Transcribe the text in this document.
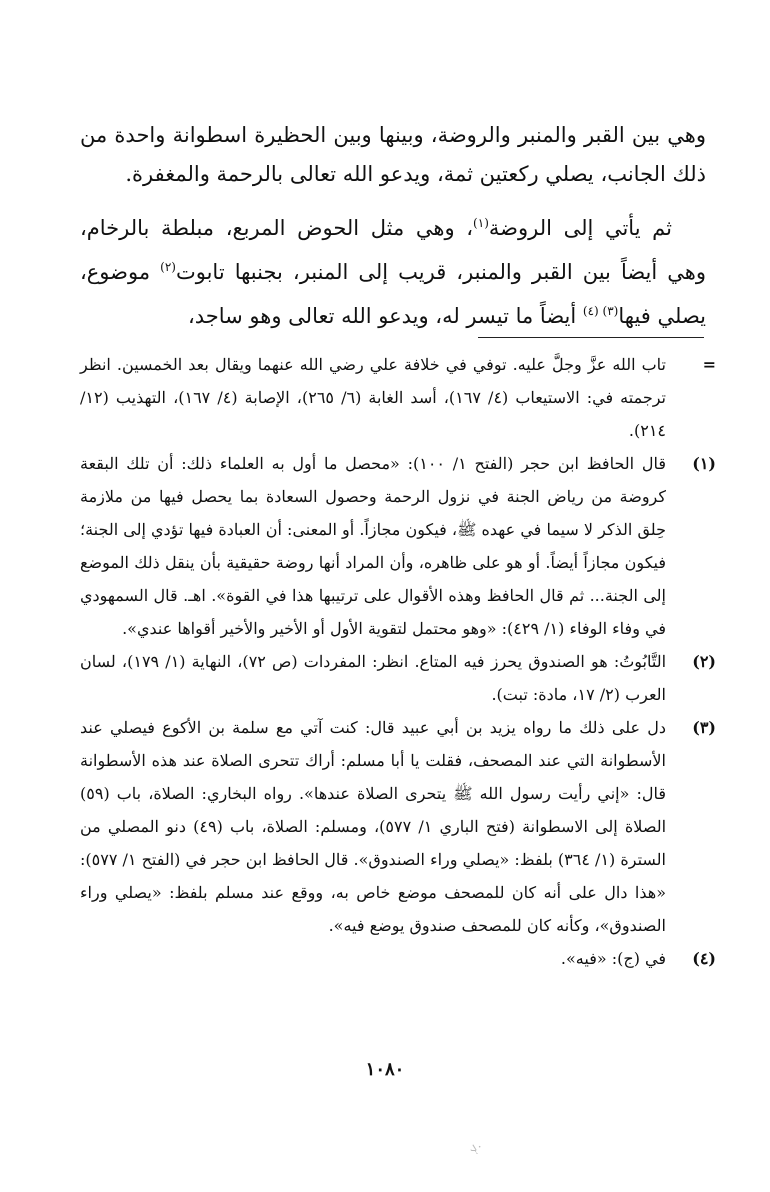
وهي بين القبر والمنبر والروضة، وبينها وبين الحظيرة اسطوانة واحدة من ذلك الجانب، يصلي ركعتين ثمة، ويدعو الله تعالى بالرحمة والمغفرة.

ثم يأتي إلى الروضة$^{(١)}$، وهي مثل الحوض المربع، مبلطة بالرخام، وهي أيضاً بين القبر والمنبر، قريب إلى المنبر، بجنبها تابوت$^{(٢)}$ موضوع، يصلي فيها$^{(٣) (٤)}$ أيضاً ما تيسر له، ويدعو الله تعالى وهو ساجد،

=
تاب الله عزَّ وجلَّ عليه. توفي في خلافة علي رضي الله عنهما ويقال بعد الخمسين. انظر ترجمته في: الاستيعاب (٤/ ١٦٧)، أسد الغابة (٦/ ٢٦٥)، الإصابة (٤/ ١٦٧)، التهذيب (١٢/ ٢١٤).
(١)
قال الحافظ ابن حجر (الفتح ١/ ١٠٠): «محصل ما أول به العلماء ذلك: أن تلك البقعة كروضة من رياض الجنة في نزول الرحمة وحصول السعادة بما يحصل فيها من ملازمة حِلق الذكر لا سيما في عهده ﷺ، فيكون مجازاً. أو المعنى: أن العبادة فيها تؤدي إلى الجنة؛ فيكون مجازاً أيضاً. أو هو على ظاهره، وأن المراد أنها روضة حقيقية بأن ينقل ذلك الموضع إلى الجنة... ثم قال الحافظ وهذه الأقوال على ترتيبها هذا في القوة». اهـ. قال السمهودي في وفاء الوفاء (١/ ٤٢٩): «وهو محتمل لتقوية الأول أو الأخير والأخير أقواها عندي».
(٢)
التَّابُوتُ: هو الصندوق يحرز فيه المتاع. انظر: المفردات (ص ٧٢)، النهاية (١/ ١٧٩)، لسان العرب (٢/ ١٧، مادة: تبت).
(٣)
دل على ذلك ما رواه يزيد بن أبي عبيد قال: كنت آتي مع سلمة بن الأكوع فيصلي عند الأسطوانة التي عند المصحف، فقلت يا أبا مسلم: أراك تتحرى الصلاة عند هذه الأسطوانة قال: «إني رأيت رسول الله ﷺ يتحرى الصلاة عندها». رواه البخاري: الصلاة، باب (٥٩) الصلاة إلى الاسطوانة (فتح الباري ١/ ٥٧٧)، ومسلم: الصلاة، باب (٤٩) دنو المصلي من السترة (١/ ٣٦٤) بلفظ: «يصلي وراء الصندوق». قال الحافظ ابن حجر في (الفتح ١/ ٥٧٧): «هذا دال على أنه كان للمصحف موضع خاص به، ووقع عند مسلم بلفظ: «يصلي وراء الصندوق»، وكأنه كان للمصحف صندوق يوضع فيه».
(٤)
في (ج): «فيه».
١٠٨٠
·ܓ
